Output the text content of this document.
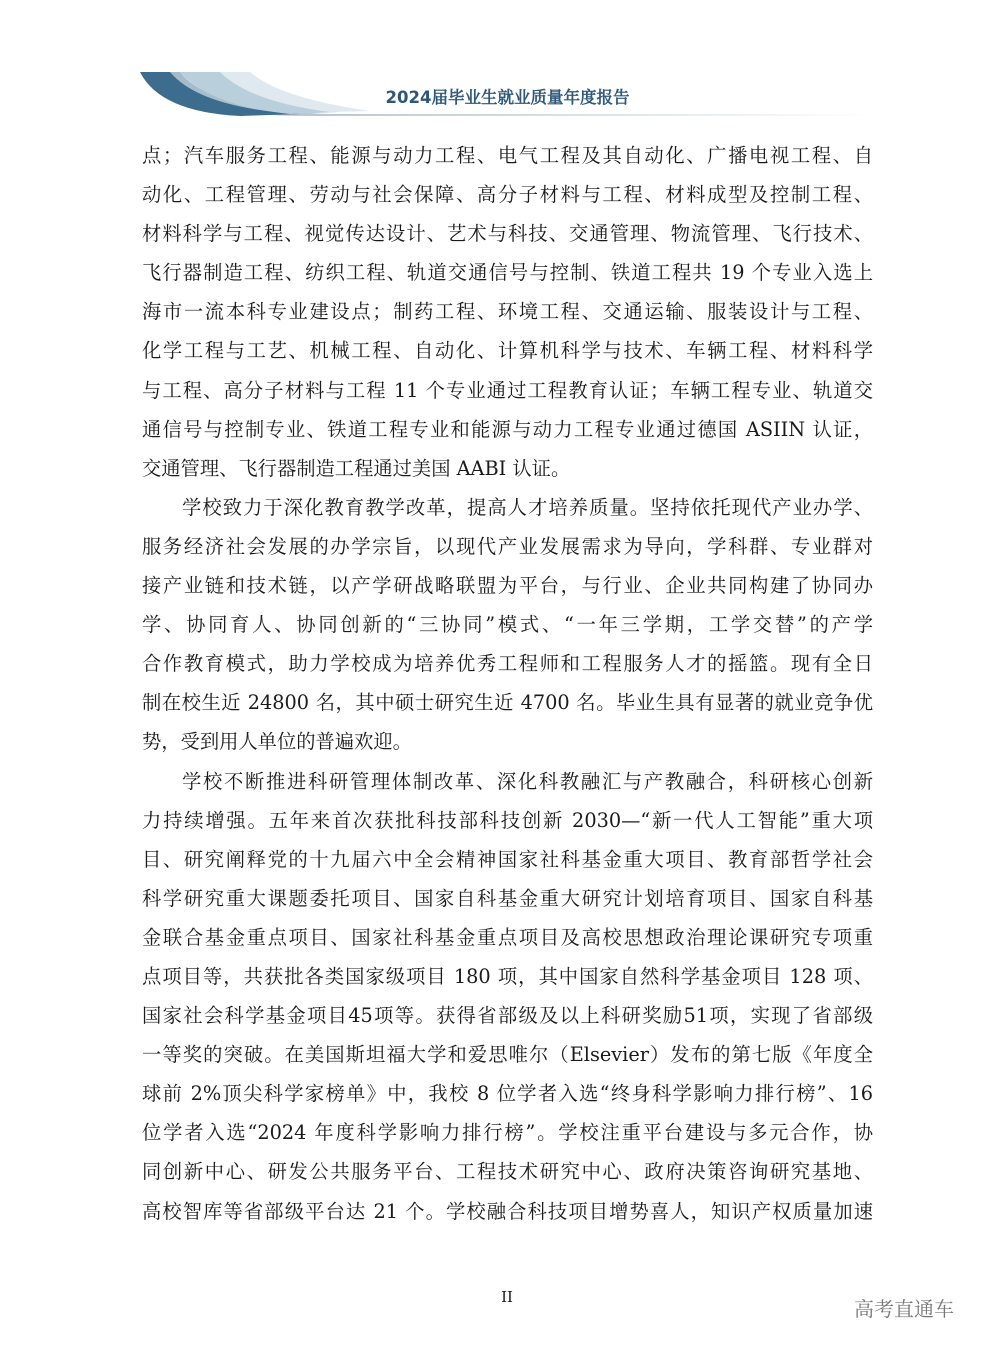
2024届毕业生就业质量年度报告
点；汽车服务工程、能源与动力工程、电气工程及其自动化、广播电视工程、自
动化、工程管理、劳动与社会保障、高分子材料与工程、材料成型及控制工程、
材料科学与工程、视觉传达设计、艺术与科技、交通管理、物流管理、飞行技术、
飞行器制造工程、纺织工程、轨道交通信号与控制、铁道工程共 19 个专业入选上
海市一流本科专业建设点；制药工程、环境工程、交通运输、服装设计与工程、
化学工程与工艺、机械工程、自动化、计算机科学与技术、车辆工程、材料科学
与工程、高分子材料与工程 11 个专业通过工程教育认证；车辆工程专业、轨道交
通信号与控制专业、铁道工程专业和能源与动力工程专业通过德国 ASIIN 认证，
交通管理、飞行器制造工程通过美国 AABI 认证。
学校致力于深化教育教学改革，提高人才培养质量。坚持依托现代产业办学、
服务经济社会发展的办学宗旨，以现代产业发展需求为导向，学科群、专业群对
接产业链和技术链，以产学研战略联盟为平台，与行业、企业共同构建了协同办
学、协同育人、协同创新的“三协同”模式、“一年三学期，工学交替”的产学
合作教育模式，助力学校成为培养优秀工程师和工程服务人才的摇篮。现有全日
制在校生近 24800 名，其中硕士研究生近 4700 名。毕业生具有显著的就业竞争优
势，受到用人单位的普遍欢迎。
学校不断推进科研管理体制改革、深化科教融汇与产教融合，科研核心创新
力持续增强。五年来首次获批科技部科技创新 2030—“新一代人工智能”重大项
目、研究阐释党的十九届六中全会精神国家社科基金重大项目、教育部哲学社会
科学研究重大课题委托项目、国家自科基金重大研究计划培育项目、国家自科基
金联合基金重点项目、国家社科基金重点项目及高校思想政治理论课研究专项重
点项目等，共获批各类国家级项目 180 项，其中国家自然科学基金项目 128 项、
国家社会科学基金项目45项等。获得省部级及以上科研奖励51项，实现了省部级
一等奖的突破。在美国斯坦福大学和爱思唯尔（Elsevier）发布的第七版《年度全
球前 2%顶尖科学家榜单》中，我校 8 位学者入选“终身科学影响力排行榜”、16
位学者入选“2024 年度科学影响力排行榜”。学校注重平台建设与多元合作，协
同创新中心、研发公共服务平台、工程技术研究中心、政府决策咨询研究基地、
高校智库等省部级平台达 21 个。学校融合科技项目增势喜人，知识产权质量加速
II	高考直通车
